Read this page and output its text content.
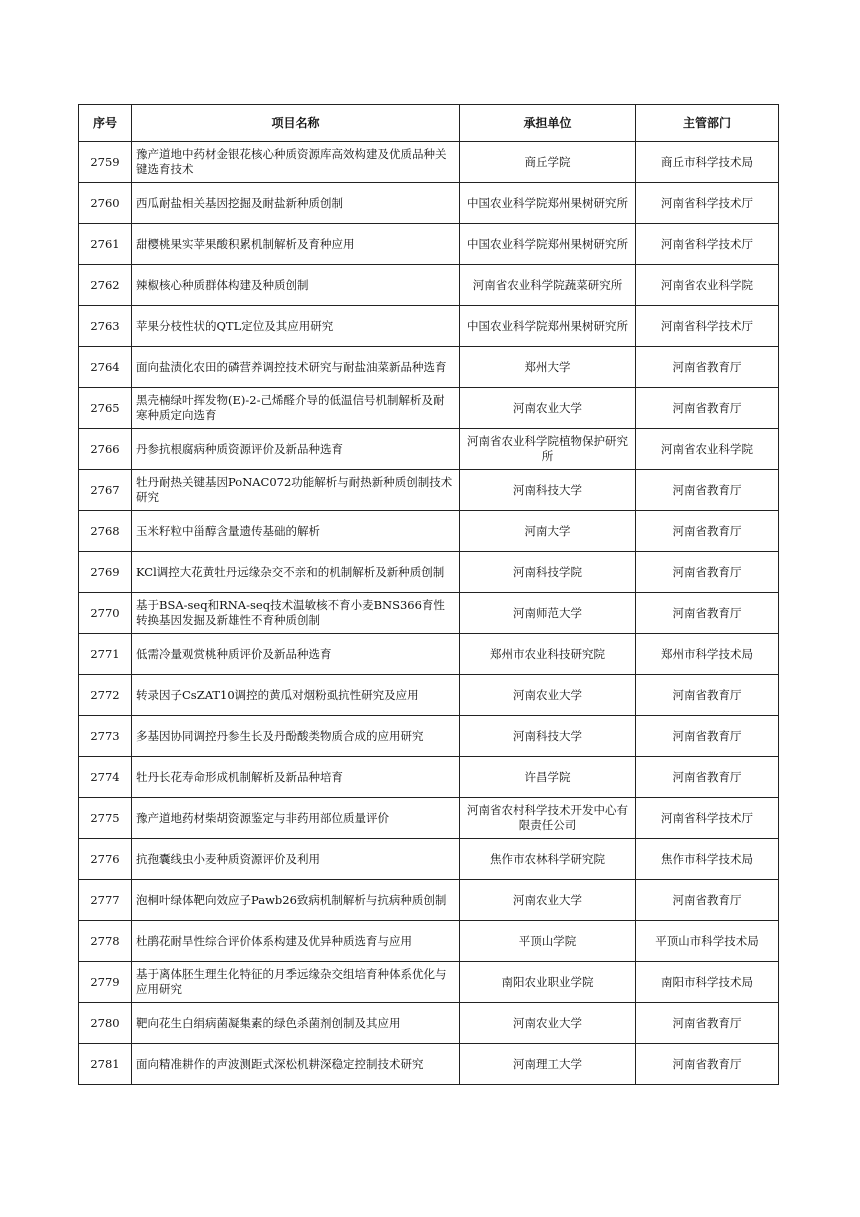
序号	项目名称	承担单位	主管部门
2759	豫产道地中药材金银花核心种质资源库高效构建及优质品种关键选育技术	商丘学院	商丘市科学技术局
2760	西瓜耐盐相关基因挖掘及耐盐新种质创制	中国农业科学院郑州果树研究所	河南省科学技术厅
2761	甜樱桃果实苹果酸积累机制解析及育种应用	中国农业科学院郑州果树研究所	河南省科学技术厅
2762	辣椒核心种质群体构建及种质创制	河南省农业科学院蔬菜研究所	河南省农业科学院
2763	苹果分枝性状的QTL定位及其应用研究	中国农业科学院郑州果树研究所	河南省科学技术厅
2764	面向盐渍化农田的磷营养调控技术研究与耐盐油菜新品种选育	郑州大学	河南省教育厅
2765	黑壳楠绿叶挥发物(E)-2-己烯醛介导的低温信号机制解析及耐寒种质定向选育	河南农业大学	河南省教育厅
2766	丹参抗根腐病种质资源评价及新品种选育	河南省农业科学院植物保护研究所	河南省农业科学院
2767	牡丹耐热关键基因PoNAC072功能解析与耐热新种质创制技术研究	河南科技大学	河南省教育厅
2768	玉米籽粒中甾醇含量遗传基础的解析	河南大学	河南省教育厅
2769	KCl调控大花黄牡丹远缘杂交不亲和的机制解析及新种质创制	河南科技学院	河南省教育厅
2770	基于BSA-seq和RNA-seq技术温敏核不育小麦BNS366育性转换基因发掘及新雄性不育种质创制	河南师范大学	河南省教育厅
2771	低需冷量观赏桃种质评价及新品种选育	郑州市农业科技研究院	郑州市科学技术局
2772	转录因子CsZAT10调控的黄瓜对烟粉虱抗性研究及应用	河南农业大学	河南省教育厅
2773	多基因协同调控丹参生长及丹酚酸类物质合成的应用研究	河南科技大学	河南省教育厅
2774	牡丹长花寿命形成机制解析及新品种培育	许昌学院	河南省教育厅
2775	豫产道地药材柴胡资源鉴定与非药用部位质量评价	河南省农村科学技术开发中心有限责任公司	河南省科学技术厅
2776	抗孢囊线虫小麦种质资源评价及利用	焦作市农林科学研究院	焦作市科学技术局
2777	泡桐叶绿体靶向效应子Pawb26致病机制解析与抗病种质创制	河南农业大学	河南省教育厅
2778	杜鹃花耐旱性综合评价体系构建及优异种质选育与应用	平顶山学院	平顶山市科学技术局
2779	基于离体胚生理生化特征的月季远缘杂交组培育种体系优化与应用研究	南阳农业职业学院	南阳市科学技术局
2780	靶向花生白绢病菌凝集素的绿色杀菌剂创制及其应用	河南农业大学	河南省教育厅
2781	面向精准耕作的声波测距式深松机耕深稳定控制技术研究	河南理工大学	河南省教育厅
